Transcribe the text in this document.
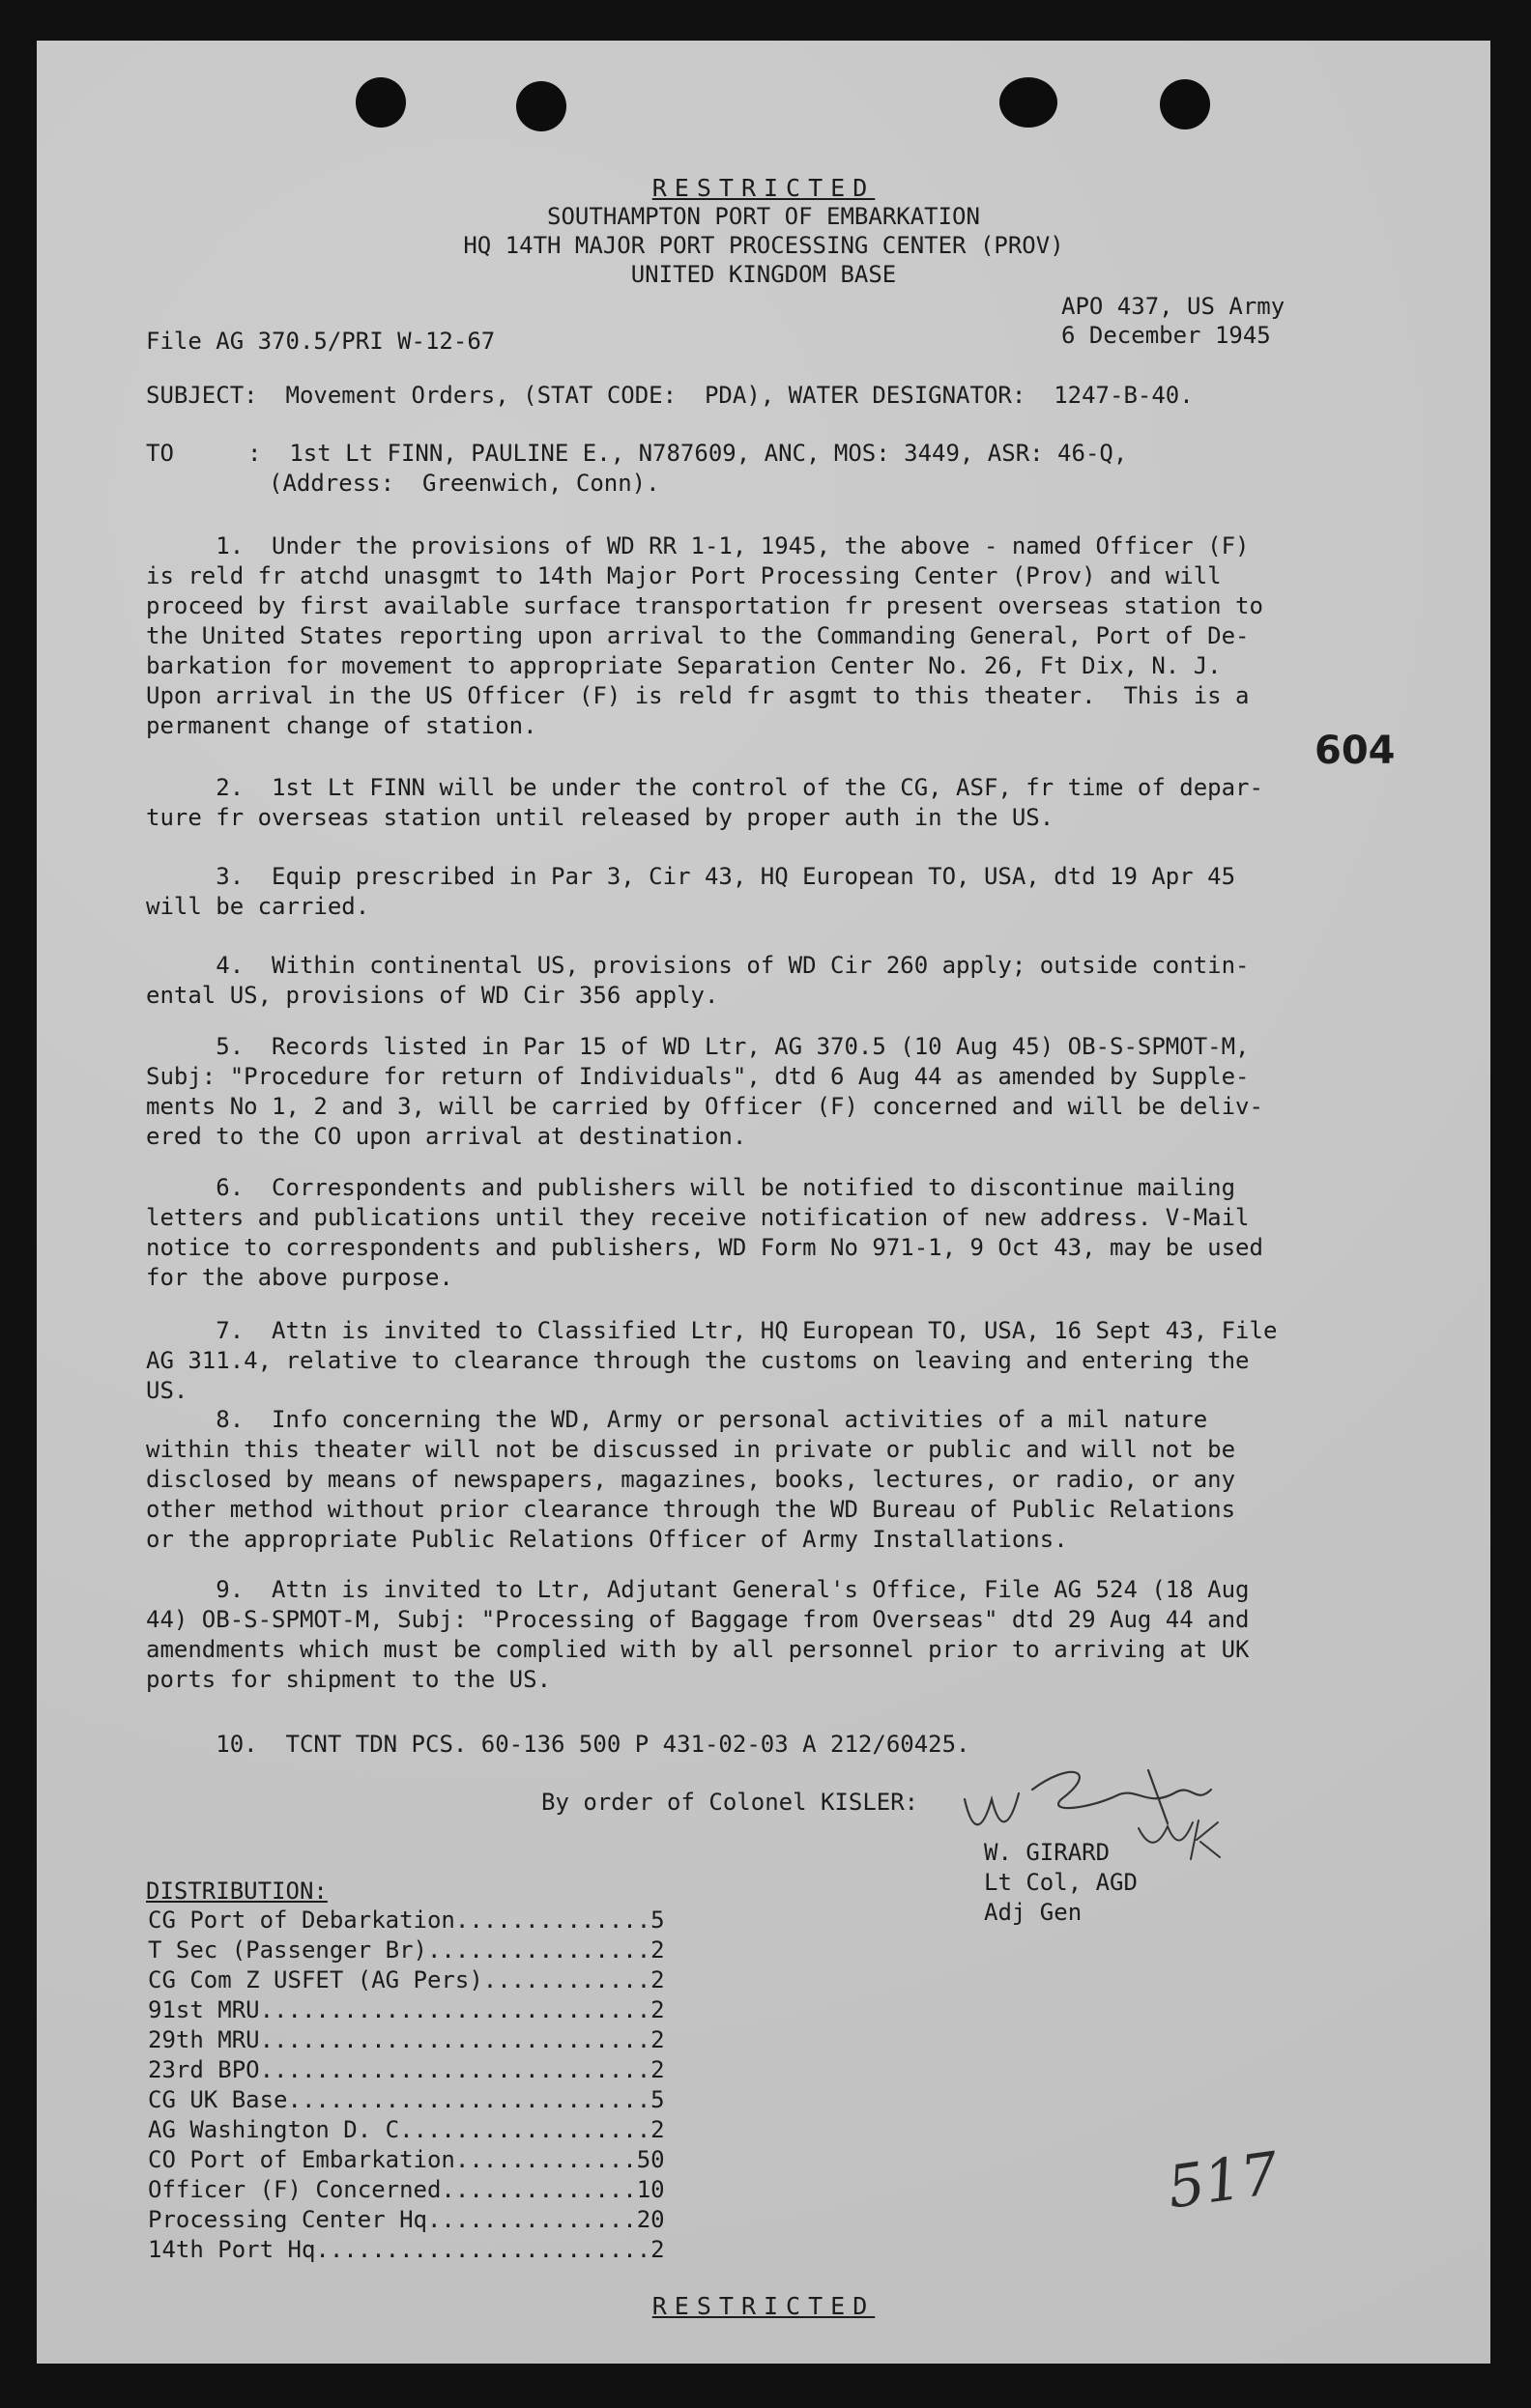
RESTRICTED
SOUTHAMPTON PORT OF EMBARKATION
HQ 14TH MAJOR PORT PROCESSING CENTER (PROV)
UNITED KINGDOM BASE
APO 437, US Army
6 December 1945
File AG 370.5/PRI W-12-67
SUBJECT:  Movement Orders, (STAT CODE:  PDA), WATER DESIGNATOR:  1247-B-40.
TO	:  1st Lt FINN, PAULINE E., N787609, ANC, MOS: 3449, ASR: 46-Q,
(Address:  Greenwich, Conn).
1.  Under the provisions of WD RR 1-1, 1945, the above - named Officer (F)
is reld fr atchd unasgmt to 14th Major Port Processing Center (Prov) and will
proceed by first available surface transportation fr present overseas station to
the United States reporting upon arrival to the Commanding General, Port of De-
barkation for movement to appropriate Separation Center No. 26, Ft Dix, N. J.
Upon arrival in the US Officer (F) is reld fr asgmt to this theater.  This is a
permanent change of station.
604
2.  1st Lt FINN will be under the control of the CG, ASF, fr time of depar-
ture fr overseas station until released by proper auth in the US.
3.  Equip prescribed in Par 3, Cir 43, HQ European TO, USA, dtd 19 Apr 45
will be carried.
4.  Within continental US, provisions of WD Cir 260 apply; outside contin-
ental US, provisions of WD Cir 356 apply.
5.  Records listed in Par 15 of WD Ltr, AG 370.5 (10 Aug 45) OB-S-SPMOT-M,
Subj: "Procedure for return of Individuals", dtd 6 Aug 44 as amended by Supple-
ments No 1, 2 and 3, will be carried by Officer (F) concerned and will be deliv-
ered to the CO upon arrival at destination.
6.  Correspondents and publishers will be notified to discontinue mailing
letters and publications until they receive notification of new address. V-Mail
notice to correspondents and publishers, WD Form No 971-1, 9 Oct 43, may be used
for the above purpose.
7.  Attn is invited to Classified Ltr, HQ European TO, USA, 16 Sept 43, File
AG 311.4, relative to clearance through the customs on leaving and entering the
US.
8.  Info concerning the WD, Army or personal activities of a mil nature
within this theater will not be discussed in private or public and will not be
disclosed by means of newspapers, magazines, books, lectures, or radio, or any
other method without prior clearance through the WD Bureau of Public Relations
or the appropriate Public Relations Officer of Army Installations.
9.  Attn is invited to Ltr, Adjutant General's Office, File AG 524 (18 Aug
44) OB-S-SPMOT-M, Subj: "Processing of Baggage from Overseas" dtd 29 Aug 44 and
amendments which must be complied with by all personnel prior to arriving at UK
ports for shipment to the US.
10.  TCNT TDN PCS. 60-136 500 P 431-02-03 A 212/60425.
By order of Colonel KISLER:
W. GIRARD
Lt Col, AGD
Adj Gen
DISTRIBUTION:
CG Port of Debarkation..............5
T Sec (Passenger Br)................2
CG Com Z USFET (AG Pers)............2
91st MRU............................2
29th MRU............................2
23rd BPO............................2
CG UK Base..........................5
AG Washington D. C..................2
CO Port of Embarkation.............50
Officer (F) Concerned..............10
Processing Center Hq...............20
14th Port Hq........................2
517
RESTRICTED
